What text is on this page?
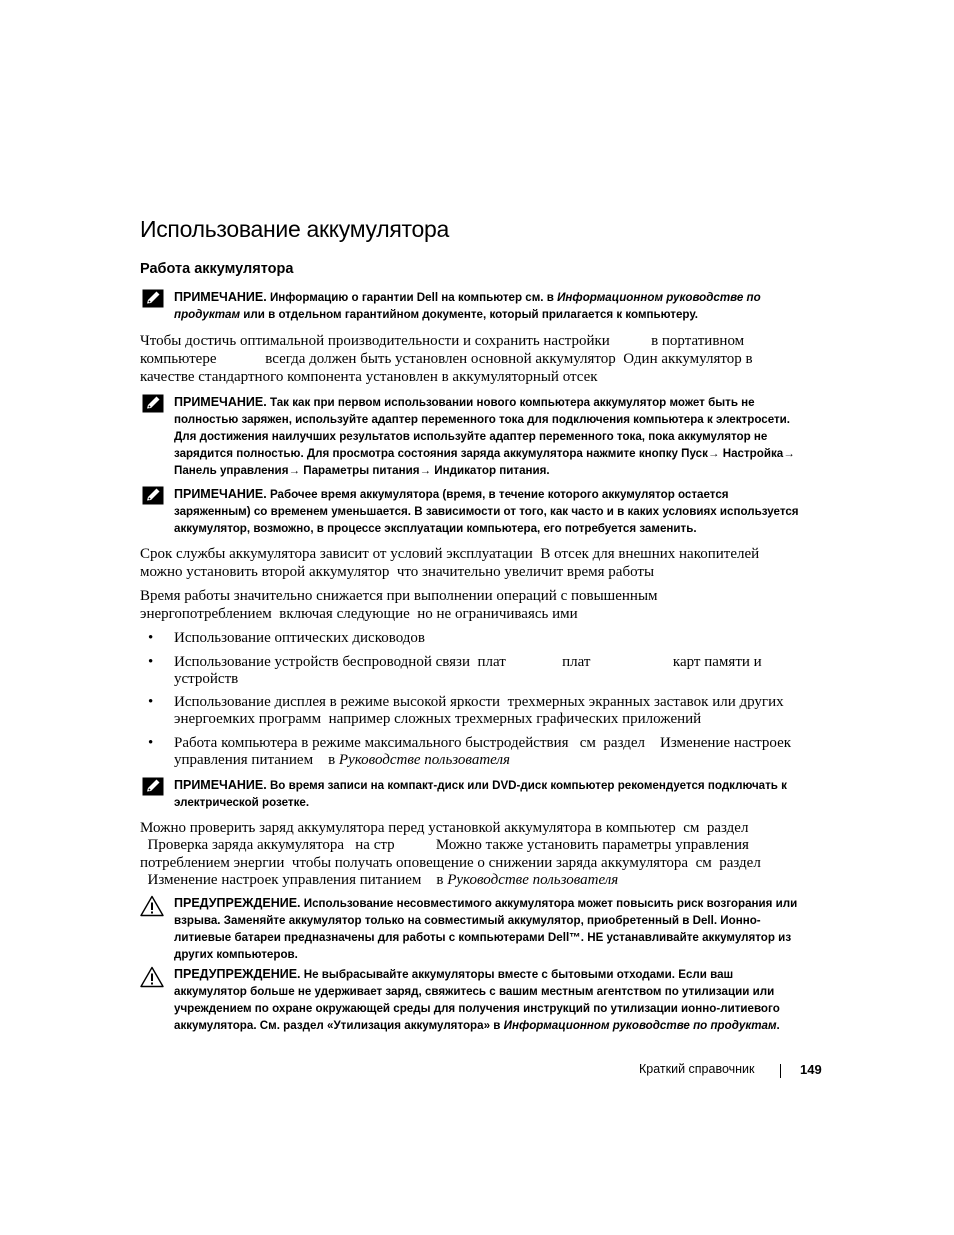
Использование аккумулятора
Работа аккумулятора
ПРИМЕЧАНИЕ. Информацию о гарантии Dell на компьютер см. в Информационном руководстве по
продуктам или в отдельном гарантийном документе, который прилагается к компьютеру.
Чтобы достичь оптимальной производительности и сохранить настройки           в портативном
компьютере             всегда должен быть установлен основной аккумулятор  Один аккумулятор в
качестве стандартного компонента установлен в аккумуляторный отсек
ПРИМЕЧАНИЕ. Так как при первом использовании нового компьютера аккумулятор может быть не
полностью заряжен, используйте адаптер переменного тока для подключения компьютера к электросети.
Для достижения наилучших результатов используйте адаптер переменного тока, пока аккумулятор не
зарядится полностью. Для просмотра состояния заряда аккумулятора нажмите кнопку Пуск→ Настройка→
Панель управления→ Параметры питания→ Индикатор питания.
ПРИМЕЧАНИЕ. Рабочее время аккумулятора (время, в течение которого аккумулятор остается
заряженным) со временем уменьшается. В зависимости от того, как часто и в каких условиях используется
аккумулятор, возможно, в процессе эксплуатации компьютера, его потребуется заменить.
Срок службы аккумулятора зависит от условий эксплуатации  В отсек для внешних накопителей
можно установить второй аккумулятор  что значительно увеличит время работы
Время работы значительно снижается при выполнении операций с повышенным
энергопотреблением  включая следующие  но не ограничиваясь ими
• Использование оптических дисководов
• Использование устройств беспроводной связи  плат               плат                      карт памяти и
устройств
• Использование дисплея в режиме высокой яркости  трехмерных экранных заставок или других
энергоемких программ  например сложных трехмерных графических приложений
• Работа компьютера в режиме максимального быстродействия   см  раздел    Изменение настроек
управления питанием    в Руководстве пользователя
ПРИМЕЧАНИЕ. Во время записи на компакт-диск или DVD-диск компьютер рекомендуется подключать к
электрической розетке.
Можно проверить заряд аккумулятора перед установкой аккумулятора в компьютер  см  раздел
Проверка заряда аккумулятора   на стр           Можно также установить параметры управления
потреблением энергии  чтобы получать оповещение о снижении заряда аккумулятора  см  раздел
Изменение настроек управления питанием    в Руководстве пользователя
ПРЕДУПРЕЖДЕНИЕ. Использование несовместимого аккумулятора может повысить риск возгорания или
взрыва. Заменяйте аккумулятор только на совместимый аккумулятор, приобретенный в Dell. Ионно-
литиевые батареи предназначены для работы с компьютерами Dell™. НЕ устанавливайте аккумулятор из
других компьютеров.
ПРЕДУПРЕЖДЕНИЕ. Не выбрасывайте аккумуляторы вместе с бытовыми отходами. Если ваш
аккумулятор больше не удерживает заряд, свяжитесь с вашим местным агентством по утилизации или
учреждением по охране окружающей среды для получения инструкций по утилизации ионно-литиевого
аккумулятора. См. раздел «Утилизация аккумулятора» в Информационном руководстве по продуктам.
Краткий справочник	149
